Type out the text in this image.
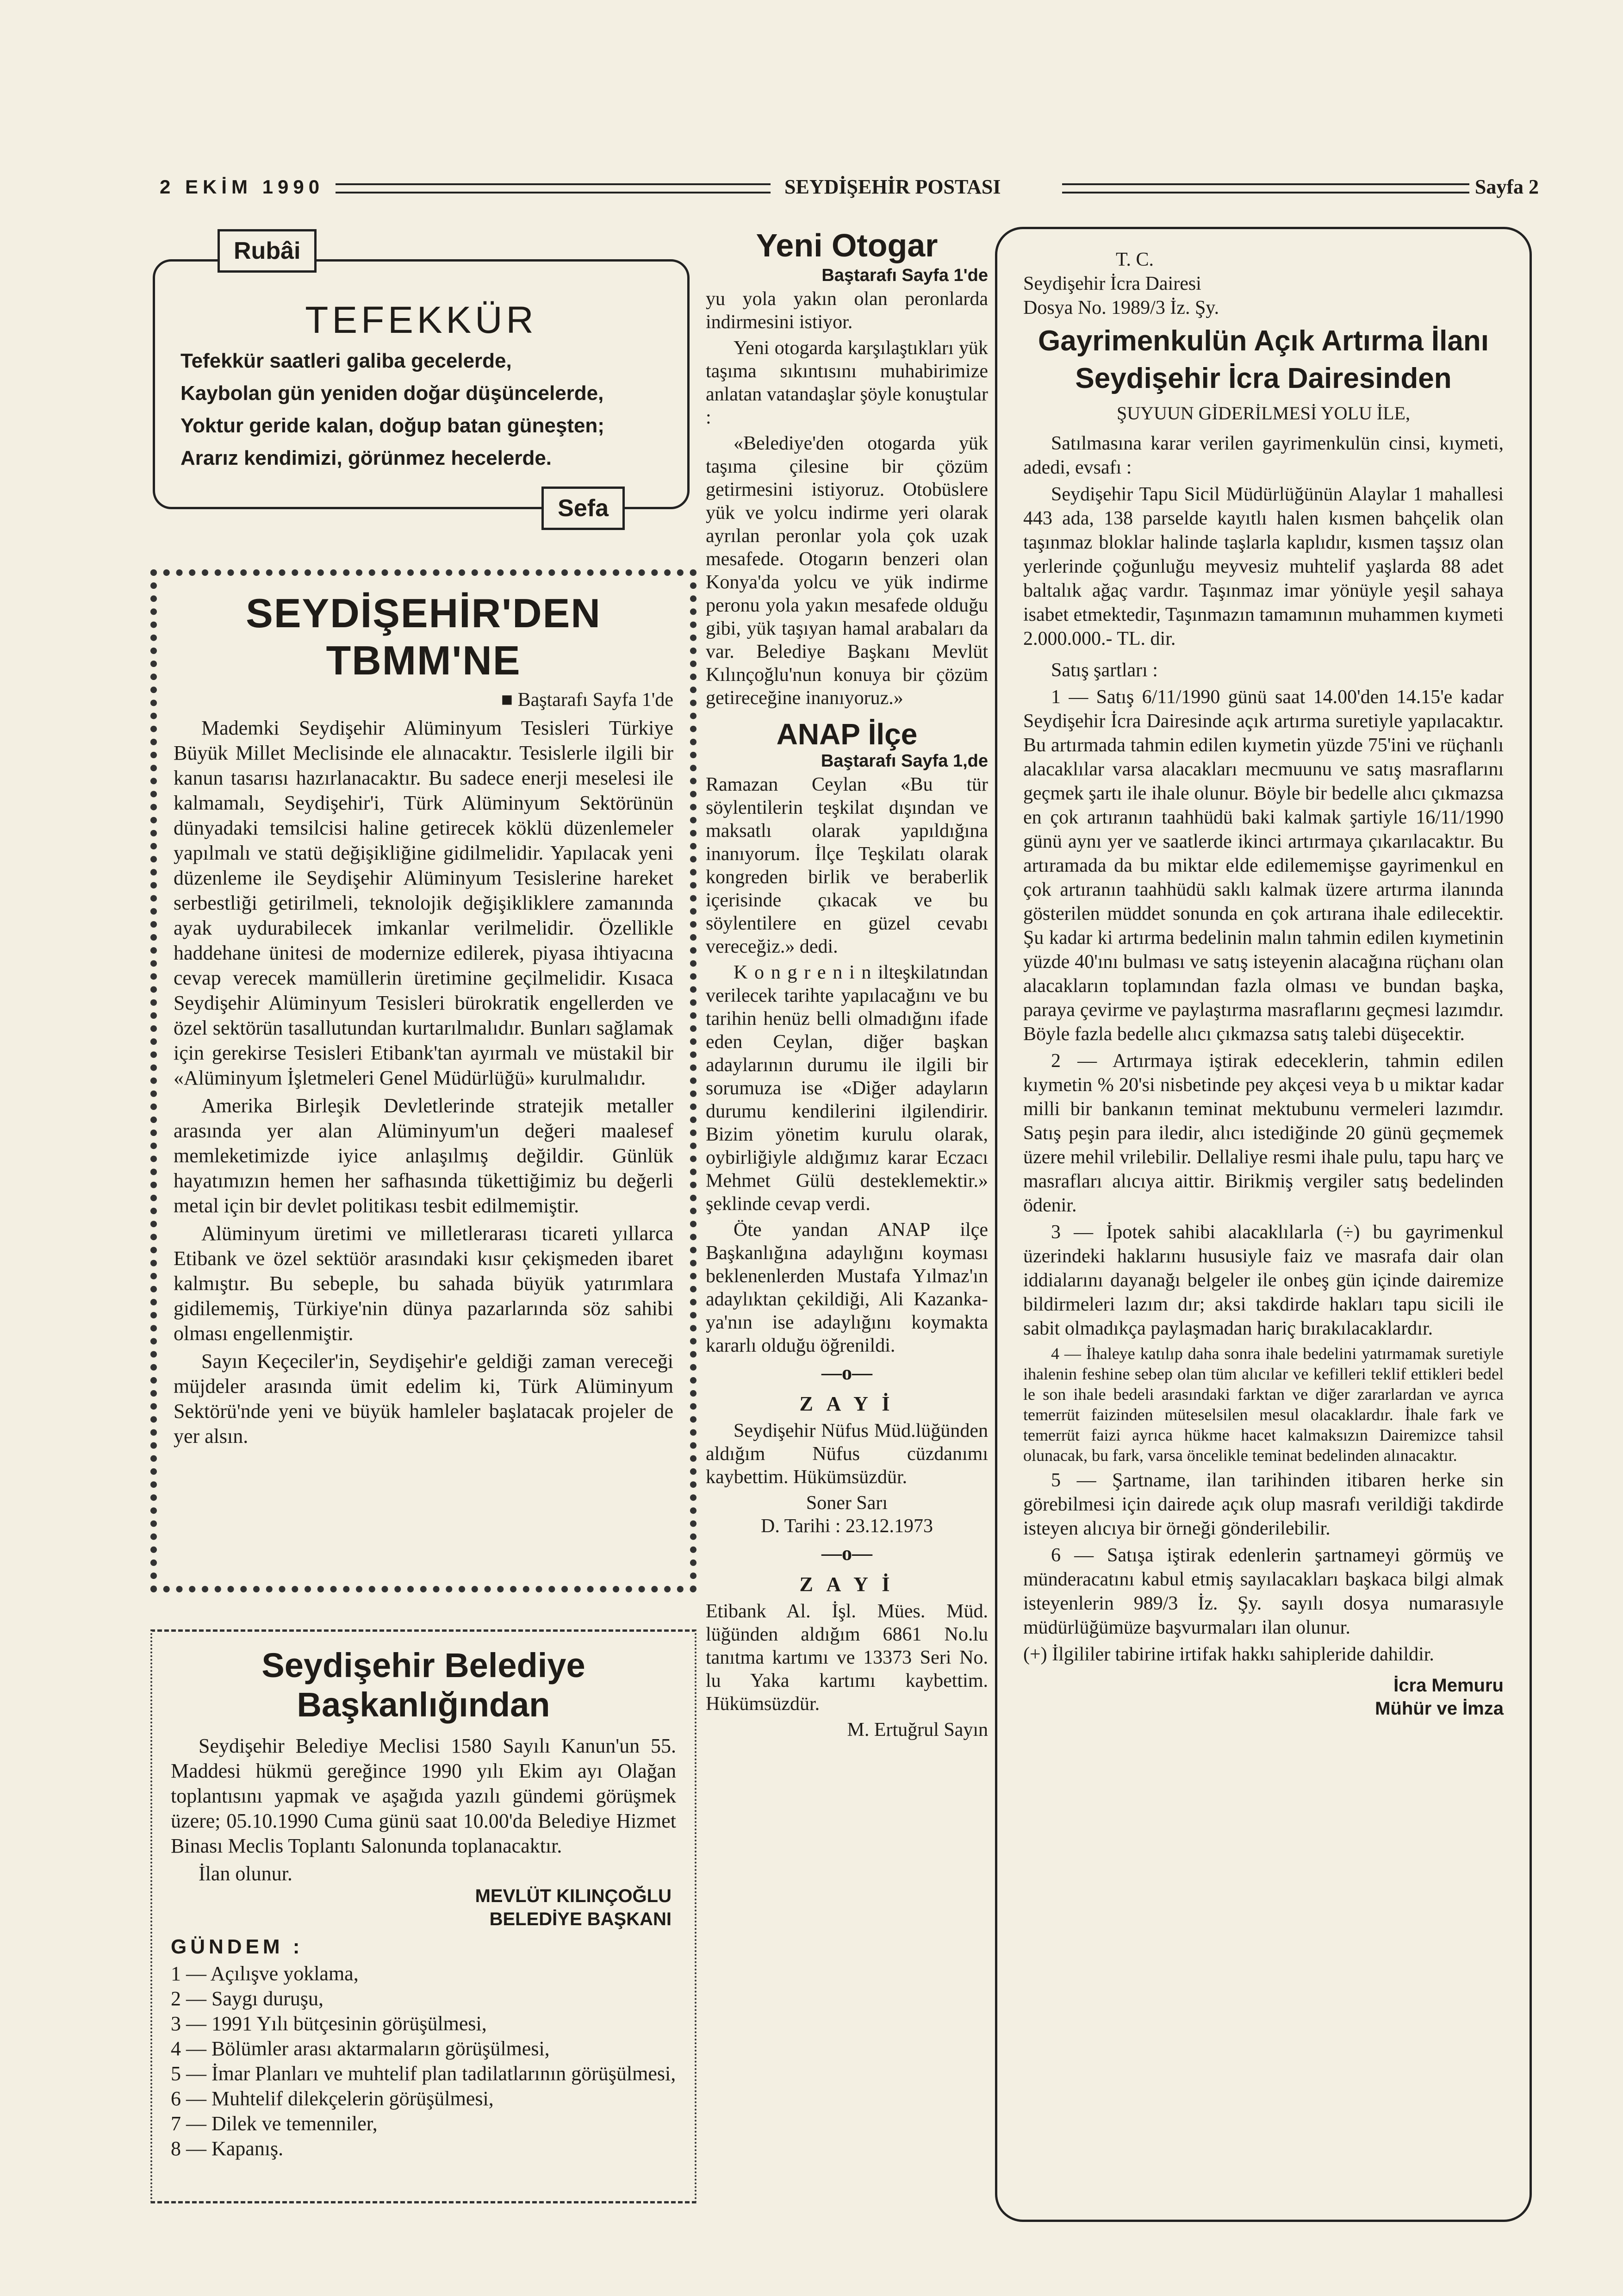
2 EKİM 1990	SEYDİŞEHİR POSTASI	Sayfa 2
Rubâi
TEFEKKÜR
Tefekkür saatleri galiba gecelerde,
Kaybolan gün yeniden doğar düşüncelerde,
Yoktur geride kalan, doğup batan güneşten;
Ararız kendimizi, görünmez hecelerde.
Sefa
SEYDİŞEHİR'DEN TBMM'NE
■ Baştarafı Sayfa 1'de

Mademki Seydişehir Alüminyum Tesisleri Türkiye Büyük Millet Meclisinde ele alınacaktır. Tesislerle ilgili bir kanun tasarısı hazırlanacaktır. Bu sadece enerji meselesi ile kalmamalı, Seydişehir'i, Türk Alüminyum Sektörünün dünyadaki temsilcisi haline getirecek köklü düzenlemeler yapılmalı ve statü değişikliğine gidilmelidir. Yapılacak yeni düzenleme ile Seydişehir Alüminyum Tesislerine hareket serbestliği getirilmeli, teknolojik değişikliklere zamanında ayak uydurabilecek imkanlar verilmelidir. Özellikle haddehane ünitesi de modernize edilerek, piyasa ihtiyacına cevap verecek mamüllerin üretimine geçilmelidir. Kısaca Seydişehir Alüminyum Tesisleri bürokratik engellerden ve özel sektörün tasallutundan kurtarılmalıdır. Bunları sağlamak için gerekirse Tesisleri Etibank'tan ayırmalı ve müstakil bir «Alüminyum İşletmeleri Genel Müdürlüğü» kurulmalıdır.

Amerika Birleşik Devletlerinde stratejik metaller arasında yer alan Alüminyum'un değeri maalesef memleketimizde iyice anlaşılmış değildir. Günlük hayatımızın hemen her safhasında tükettiğimiz bu değerli metal için bir devlet politikası tesbit edilmemiştir.

Alüminyum üretimi ve milletlerarası ticareti yıllarca Etibank ve özel sektüör arasındaki kısır çekişmeden ibaret kalmıştır. Bu sebeple, bu sahada büyük yatırımlara gidilememiş, Türkiye'nin dünya pazarlarında söz sahibi olması engellenmiştir.

Sayın Keçeciler'in, Seydişehir'e geldiği zaman vereceği müjdeler arasında ümit edelim ki, Türk Alüminyum Sektörü'nde yeni ve büyük hamleler başlatacak projeler de yer alsın.

Seydişehir Belediye Başkanlığından

Seydişehir Belediye Meclisi 1580 Sayılı Kanun'un 55. Maddesi hükmü gereğince 1990 yılı Ekim ayı Olağan toplantısını yapmak ve aşağıda yazılı gündemi görüşmek üzere; 05.10.1990 Cuma günü saat 10.00'da Belediye Hizmet Binası Meclis Toplantı Salonunda toplanacaktır.

İlan olunur.

MEVLÜT KILINÇOĞLU
BELEDİYE BAŞKANI
GÜNDEM :
1 — Açılışve yoklama,
2 — Saygı duruşu,
3 — 1991 Yılı bütçesinin görüşülmesi,
4 — Bölümler arası aktarmaların görüşülmesi,
5 — İmar Planları ve muhtelif plan tadilatlarının görüşülmesi,
6 — Muhtelif dilekçelerin görüşülmesi,
7 — Dilek ve temenniler,
8 — Kapanış.
Yeni Otogar
Baştarafı Sayfa 1'de

yu yola yakın olan peronlarda indirmesini istiyor.

Yeni otogarda karşılaştıkları yük taşıma sıkıntısını muhabirimize anlatan vatandaşlar şöyle konuştular :

«Belediye'den otogarda yük taşıma çilesine bir çözüm getirmesini istiyoruz. Otobüslere yük ve yolcu indirme yeri olarak ayrılan peronlar yola çok uzak mesafede. Otogarın benzeri olan Konya'da yolcu ve yük indirme peronu yola yakın mesafede olduğu gibi, yük taşıyan hamal arabaları da var. Belediye Başkanı Mevlüt Kılınçoğlu'nun konuya bir çözüm getireceğine inanıyoruz.»

ANAP İlçe
Baştarafı Sayfa 1,de

Ramazan Ceylan «Bu tür söylentilerin teşkilat dışından ve maksatlı olarak yapıldığına inanıyorum. İlçe Teşkilatı olarak kongreden birlik ve beraberlik içerisinde çıkacak ve bu söylentilere en güzel cevabı vereceğiz.» dedi.

K o n g r e n i n ilteşkilatından verilecek tarihte yapılacağını ve bu tarihin henüz belli olmadığını ifade eden Ceylan, diğer başkan adaylarının durumu ile ilgili bir sorumuza ise «Diğer adayların durumu kendilerini ilgilendirir. Bizim yönetim kurulu olarak, oybirliğiyle aldığımız karar Eczacı Mehmet Gülü desteklemektir.» şeklinde cevap verdi.

Öte yandan ANAP ilçe Başkanlığına adaylığını koyması beklenenlerden Mustafa Yılmaz'ın adaylıktan çekildiği, Ali Kazanka-ya'nın ise adaylığını koymakta kararlı olduğu öğrenildi.

—o—
Z A Y İ

Seydişehir Nüfus Müd.lüğünden aldığım Nüfus cüzdanımı kaybettim. Hükümsüzdür.

Soner Sarı
D. Tarihi : 23.12.1973
—o—
Z A Y İ

Etibank Al. İşl. Mües. Müd. lüğünden aldığım 6861 No.lu tanıtma kartımı ve 13373 Seri No. lu Yaka kartımı kaybettim. Hükümsüzdür.

M. Ertuğrul Sayın
T. C.
Seydişehir İcra Dairesi
Dosya No. 1989/3 İz. Şy.
Gayrimenkulün Açık Artırma İlanı
Seydişehir İcra Dairesinden
ŞUYUUN GİDERİLMESİ YOLU İLE,

Satılmasına karar verilen gayrimenkulün cinsi, kıymeti, adedi, evsafı :

Seydişehir Tapu Sicil Müdürlüğünün Alaylar 1 mahallesi 443 ada, 138 parselde kayıtlı halen kısmen bahçelik olan taşınmaz bloklar halinde taşlarla kaplıdır, kısmen taşsız olan yerlerinde çoğunluğu meyvesiz muhtelif yaşlarda 88 adet baltalık ağaç vardır. Taşınmaz imar yönüyle yeşil sahaya isabet etmektedir, Taşınmazın tamamının muhammen kıymeti 2.000.000.- TL. dir.

Satış şartları :

1 — Satış 6/11/1990 günü saat 14.00'den 14.15'e kadar Seydişehir İcra Dairesinde açık artırma suretiyle yapılacaktır. Bu artırmada tahmin edilen kıymetin yüzde 75'ini ve rüçhanlı alacaklılar varsa alacakları mecmuunu ve satış masraflarını geçmek şartı ile ihale olunur. Böyle bir bedelle alıcı çıkmazsa en çok artıranın taahhüdü baki kalmak şartiyle 16/11/1990 günü aynı yer ve saatlerde ikinci artırmaya çıkarılacaktır. Bu artıramada da bu miktar elde edilememişse gayrimenkul en çok artıranın taahhüdü saklı kalmak üzere artırma ilanında gösterilen müddet sonunda en çok artırana ihale edilecektir. Şu kadar ki artırma bedelinin malın tahmin edilen kıymetinin yüzde 40'ını bulması ve satış isteyenin alacağına rüçhanı olan alacakların toplamından fazla olması ve bundan başka, paraya çevirme ve paylaştırma masraflarını geçmesi lazımdır. Böyle fazla bedelle alıcı çıkmazsa satış talebi düşecektir.

2 — Artırmaya iştirak edeceklerin, tahmin edilen kıymetin % 20'si nisbetinde pey akçesi veya b u miktar kadar milli bir bankanın teminat mektubunu vermeleri lazımdır. Satış peşin para iledir, alıcı istediğinde 20 günü geçmemek üzere mehil vrilebilir. Dellaliye resmi ihale pulu, tapu harç ve masrafları alıcıya aittir. Birikmiş vergiler satış bedelinden ödenir.

3 — İpotek sahibi alacaklılarla (÷) bu gayrimenkul üzerindeki haklarını hususiyle faiz ve masrafa dair olan iddialarını dayanağı belgeler ile onbeş gün içinde dairemize bildirmeleri lazım dır; aksi takdirde hakları tapu sicili ile sabit olmadıkça paylaşmadan hariç bırakılacaklardır.

4 — İhaleye katılıp daha sonra ihale bedelini yatırmamak suretiyle ihalenin feshine sebep olan tüm alıcılar ve kefilleri teklif ettikleri bedel le son ihale bedeli arasındaki farktan ve diğer zararlardan ve ayrıca temerrüt faizinden müteselsilen mesul olacaklardır. İhale fark ve temerrüt faizi ayrıca hükme hacet kalmaksızın Dairemizce tahsil olunacak, bu fark, varsa öncelikle teminat bedelinden alınacaktır.

5 — Şartname, ilan tarihinden itibaren herke sin görebilmesi için dairede açık olup masrafı verildiği takdirde isteyen alıcıya bir örneği gönderilebilir.

6 — Satışa iştirak edenlerin şartnameyi görmüş ve münderacatını kabul etmiş sayılacakları başkaca bilgi almak isteyenlerin 989/3 İz. Şy. sayılı dosya numarasıyle müdürlüğümüze başvurmaları ilan olunur.

(+) İlgililer tabirine irtifak hakkı sahipleride dahildir.

İcra Memuru
Mühür ve İmza
